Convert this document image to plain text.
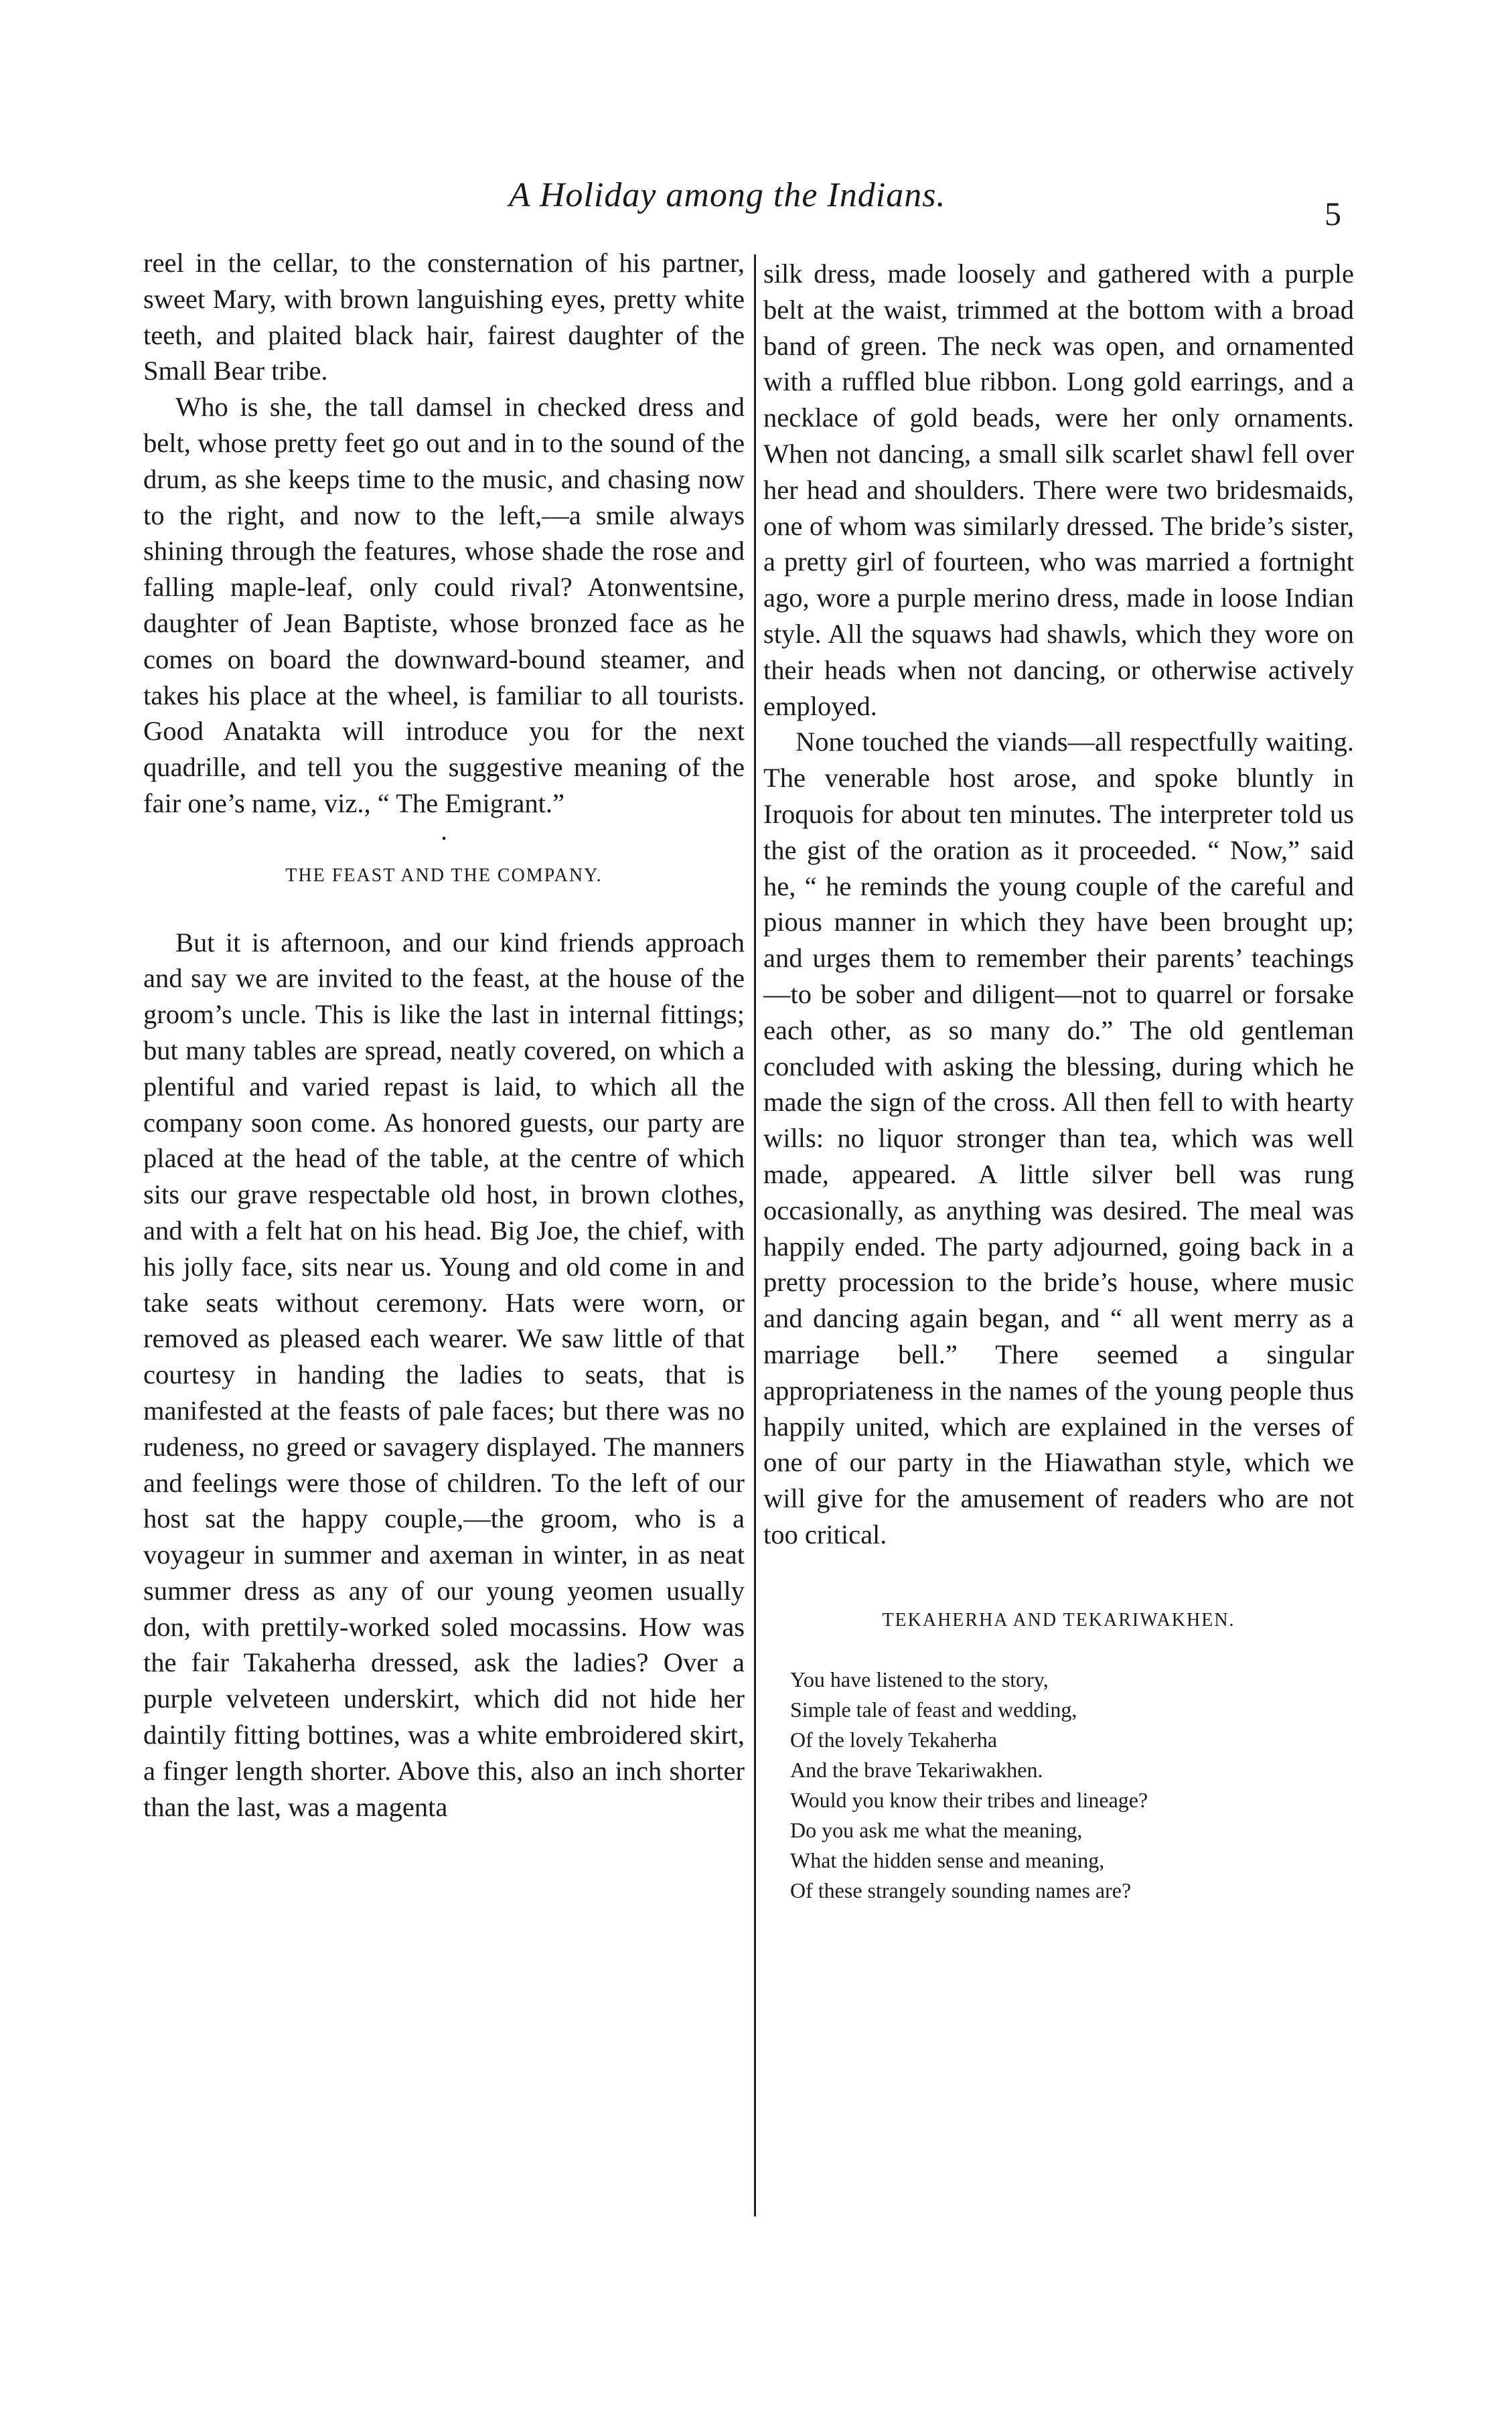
A Holiday among the Indians.	5

reel in the cellar, to the consternation of his partner, sweet Mary, with brown languishing eyes, pretty white teeth, and plaited black hair, fairest daughter of the Small Bear tribe.

Who is she, the tall damsel in checked dress and belt, whose pretty feet go out and in to the sound of the drum, as she keeps time to the music, and chasing now to the right, and now to the left,—a smile always shining through the features, whose shade the rose and falling maple-leaf, only could rival? Atonwentsine, daughter of Jean Baptiste, whose bronzed face as he comes on board the downward-bound steamer, and takes his place at the wheel, is familiar to all tourists. Good Anatakta will introduce you for the next quadrille, and tell you the suggestive meaning of the fair one’s name, viz., “ The Emigrant.”

•
THE FEAST AND THE COMPANY.

But it is afternoon, and our kind friends approach and say we are invited to the feast, at the house of the groom’s uncle. This is like the last in internal fittings; but many tables are spread, neatly covered, on which a plentiful and varied repast is laid, to which all the company soon come. As honored guests, our party are placed at the head of the table, at the centre of which sits our grave respectable old host, in brown clothes, and with a felt hat on his head. Big Joe, the chief, with his jolly face, sits near us. Young and old come in and take seats without ceremony. Hats were worn, or removed as pleased each wearer. We saw little of that courtesy in handing the ladies to seats, that is manifested at the feasts of pale faces; but there was no rudeness, no greed or savagery displayed. The manners and feelings were those of children. To the left of our host sat the happy couple,—the groom, who is a voyageur in summer and axeman in winter, in as neat summer dress as any of our young yeomen usually don, with prettily-worked soled mocassins. How was the fair Takaherha dressed, ask the ladies? Over a purple velveteen underskirt, which did not hide her daintily fitting bottines, was a white embroidered skirt, a finger length shorter. Above this, also an inch shorter than the last, was a magenta

silk dress, made loosely and gathered with a purple belt at the waist, trimmed at the bottom with a broad band of green. The neck was open, and ornamented with a ruffled blue ribbon. Long gold earrings, and a necklace of gold beads, were her only ornaments. When not dancing, a small silk scarlet shawl fell over her head and shoulders. There were two bridesmaids, one of whom was similarly dressed. The bride’s sister, a pretty girl of fourteen, who was married a fortnight ago, wore a purple merino dress, made in loose Indian style. All the squaws had shawls, which they wore on their heads when not dancing, or otherwise actively employed.

None touched the viands—all respectfully waiting. The venerable host arose, and spoke bluntly in Iroquois for about ten minutes. The interpreter told us the gist of the oration as it proceeded. “ Now,” said he, “ he reminds the young couple of the careful and pious manner in which they have been brought up; and urges them to remember their parents’ teachings—to be sober and diligent—not to quarrel or forsake each other, as so many do.” The old gentleman concluded with asking the blessing, during which he made the sign of the cross. All then fell to with hearty wills: no liquor stronger than tea, which was well made, appeared. A little silver bell was rung occasionally, as anything was desired. The meal was happily ended. The party adjourned, going back in a pretty procession to the bride’s house, where music and dancing again began, and “ all went merry as a marriage bell.” There seemed a singular appropriateness in the names of the young people thus happily united, which are explained in the verses of one of our party in the Hiawathan style, which we will give for the amusement of readers who are not too critical.

TEKAHERHA AND TEKARIWAKHEN.
You have listened to the story,
Simple tale of feast and wedding,
Of the lovely Tekaherha
And the brave Tekariwakhen.
Would you know their tribes and lineage?
Do you ask me what the meaning,
What the hidden sense and meaning,
Of these strangely sounding names are?
